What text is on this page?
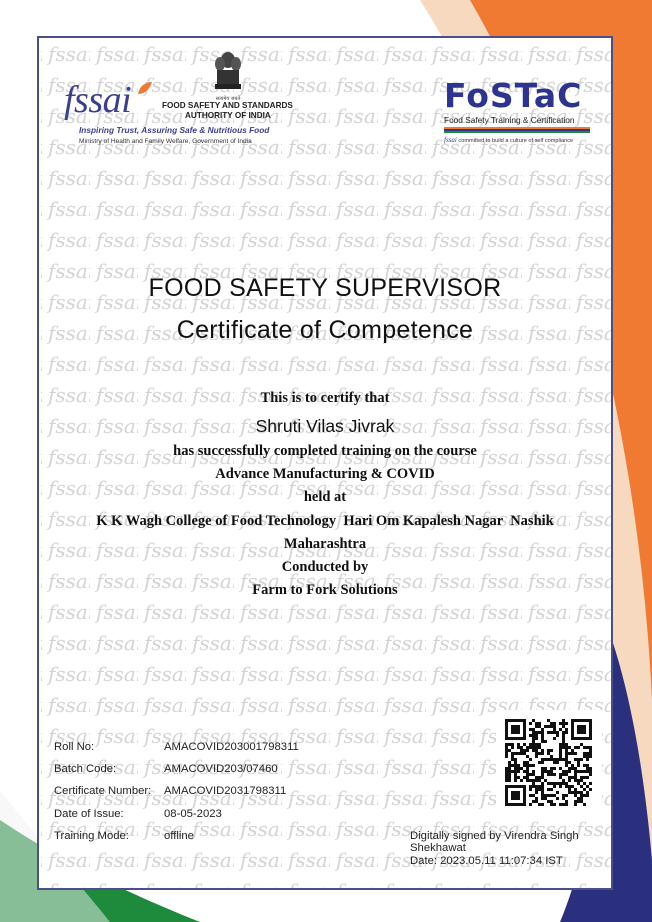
fssai	सत्यमेव जयते
FOOD SAFETY AND STANDARDS
AUTHORITY OF INDIA
Inspiring Trust, Assuring Safe & Nutritious Food
Ministry of Health and Family Welfare, Government of India
FoSTaC
Food Safety Training & Certification
fssai committed to build a culture of self compliance
FOOD SAFETY SUPERVISOR
Certificate of Competence
This is to certify that
Shruti Vilas Jivrak
has successfully completed training on the course
Advance Manufacturing & COVID
held at
K K Wagh College of Food Technology  Hari Om Kapalesh Nagar  Nashik
Maharashtra
Conducted by
Farm to Fork Solutions
Roll No:	AMACOVID203001798311
Batch Code:	AMACOVID203/07460
Certificate Number: AMACOVID2031798311
Date of Issue:	08-05-2023
Training Mode:	offline	Digitally signed by Virendra Singh
Shekhawat
Date: 2023.05.11 11:07:34 IST
